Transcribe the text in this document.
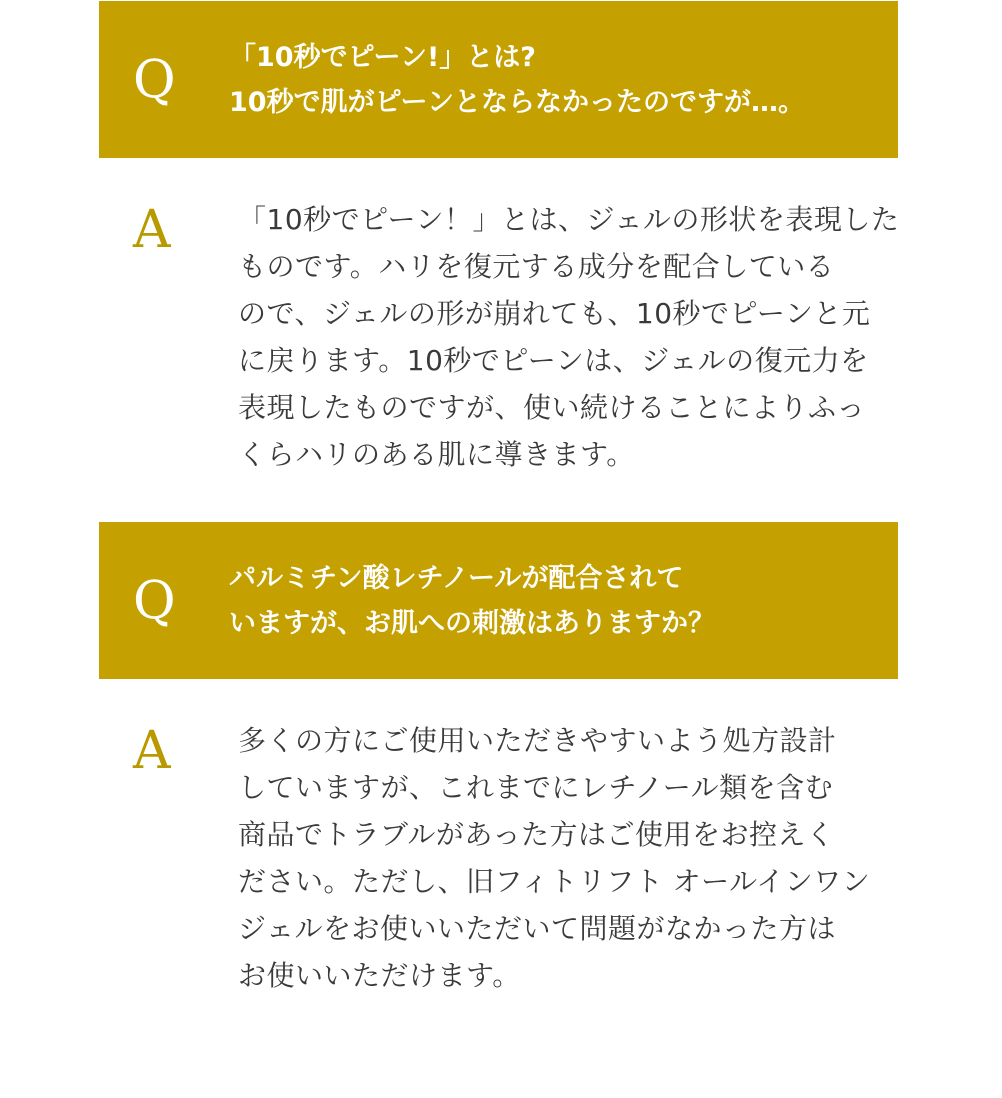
Q 「10秒でピーン!」とは?
10秒で肌がピーンとならなかったのですが…。
A 「10秒でピーン！」とは、ジェルの形状を表現した
ものです。ハリを復元する成分を配合している
ので、ジェルの形が崩れても、10秒でピーンと元
に戻ります。10秒でピーンは、ジェルの復元力を
表現したものですが、使い続けることによりふっ
くらハリのある肌に導きます。
Q パルミチン酸レチノールが配合されて
いますが、お肌への刺激はありますか？
A 多くの方にご使用いただきやすいよう処方設計
していますが、これまでにレチノール類を含む
商品でトラブルがあった方はご使用をお控えく
ださい。ただし、旧フィトリフト オールインワン
ジェルをお使いいただいて問題がなかった方は
お使いいただけます。
